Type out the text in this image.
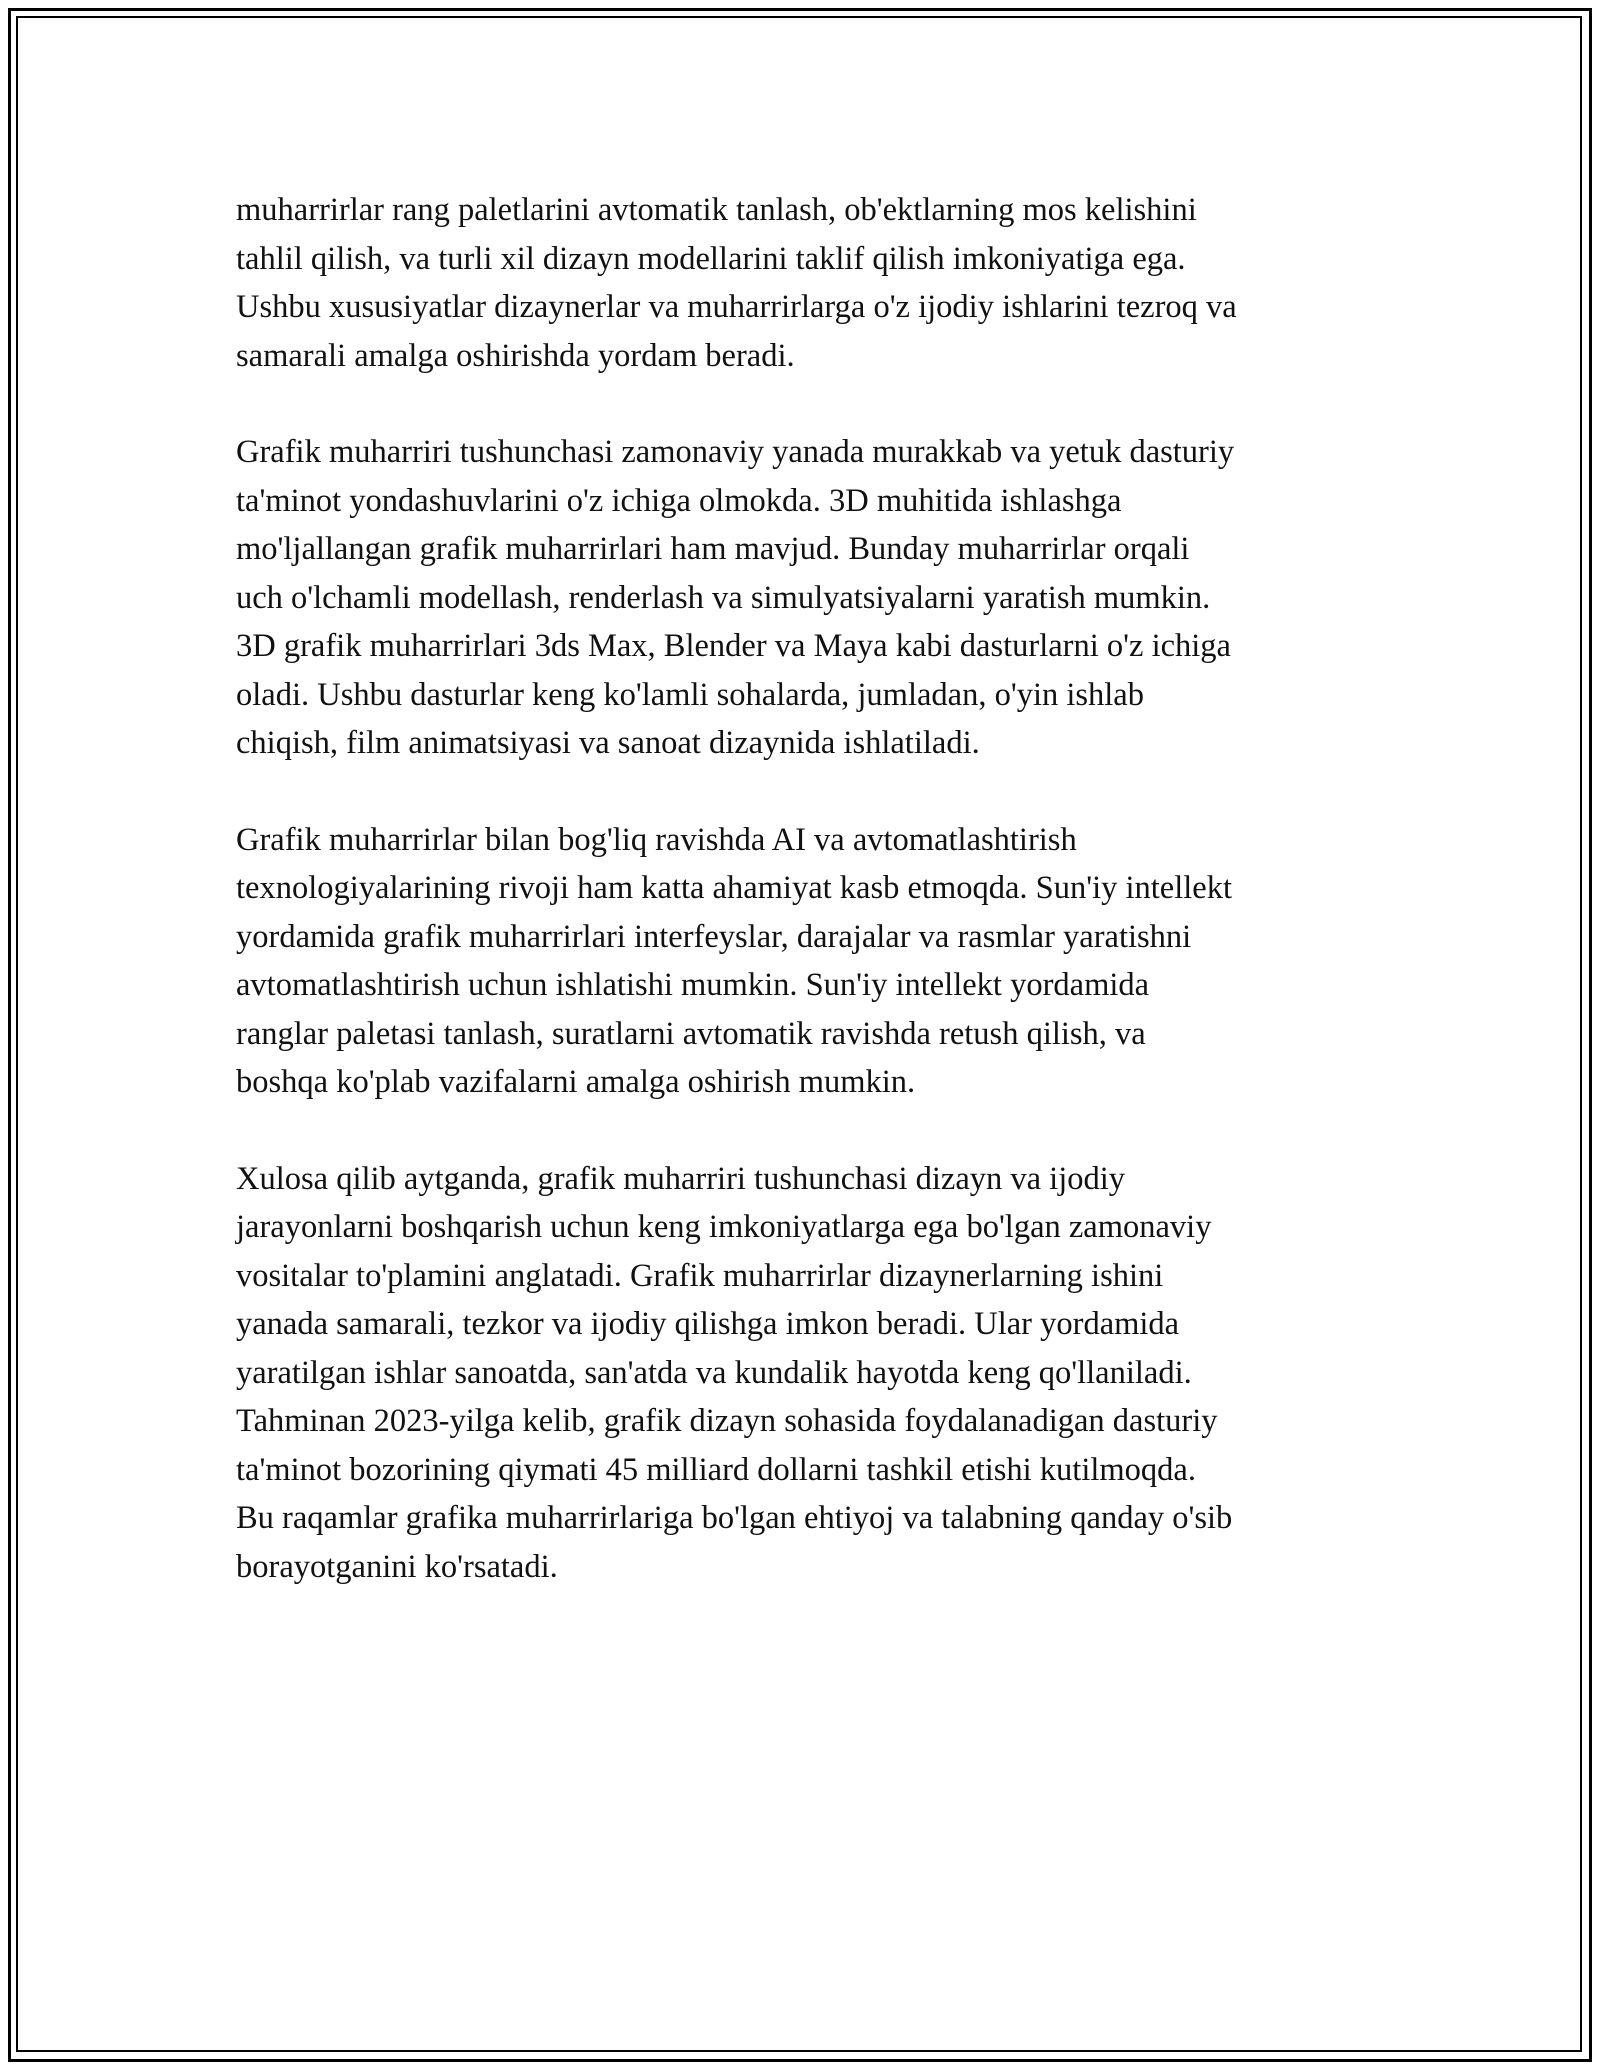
muharrirlar rang paletlarini avtomatik tanlash, ob'ektlarning mos kelishini
tahlil qilish, va turli xil dizayn modellarini taklif qilish imkoniyatiga ega.
Ushbu xususiyatlar dizaynerlar va muharrirlarga o'z ijodiy ishlarini tezroq va
samarali amalga oshirishda yordam beradi.

Grafik muharriri tushunchasi zamonaviy yanada murakkab va yetuk dasturiy
ta'minot yondashuvlarini o'z ichiga olmokda. 3D muhitida ishlashga
mo'ljallangan grafik muharrirlari ham mavjud. Bunday muharrirlar orqali
uch o'lchamli modellash, renderlash va simulyatsiyalarni yaratish mumkin.
3D grafik muharrirlari 3ds Max, Blender va Maya kabi dasturlarni o'z ichiga
oladi. Ushbu dasturlar keng ko'lamli sohalarda, jumladan, o'yin ishlab
chiqish, film animatsiyasi va sanoat dizaynida ishlatiladi.

Grafik muharrirlar bilan bog'liq ravishda AI va avtomatlashtirish
texnologiyalarining rivoji ham katta ahamiyat kasb etmoqda. Sun'iy intellekt
yordamida grafik muharrirlari interfeyslar, darajalar va rasmlar yaratishni
avtomatlashtirish uchun ishlatishi mumkin. Sun'iy intellekt yordamida
ranglar paletasi tanlash, suratlarni avtomatik ravishda retush qilish, va
boshqa ko'plab vazifalarni amalga oshirish mumkin.

Xulosa qilib aytganda, grafik muharriri tushunchasi dizayn va ijodiy
jarayonlarni boshqarish uchun keng imkoniyatlarga ega bo'lgan zamonaviy
vositalar to'plamini anglatadi. Grafik muharrirlar dizaynerlarning ishini
yanada samarali, tezkor va ijodiy qilishga imkon beradi. Ular yordamida
yaratilgan ishlar sanoatda, san'atda va kundalik hayotda keng qo'llaniladi.
Tahminan 2023-yilga kelib, grafik dizayn sohasida foydalanadigan dasturiy
ta'minot bozorining qiymati 45 milliard dollarni tashkil etishi kutilmoqda.
Bu raqamlar grafika muharrirlariga bo'lgan ehtiyoj va talabning qanday o'sib
borayotganini ko'rsatadi.
